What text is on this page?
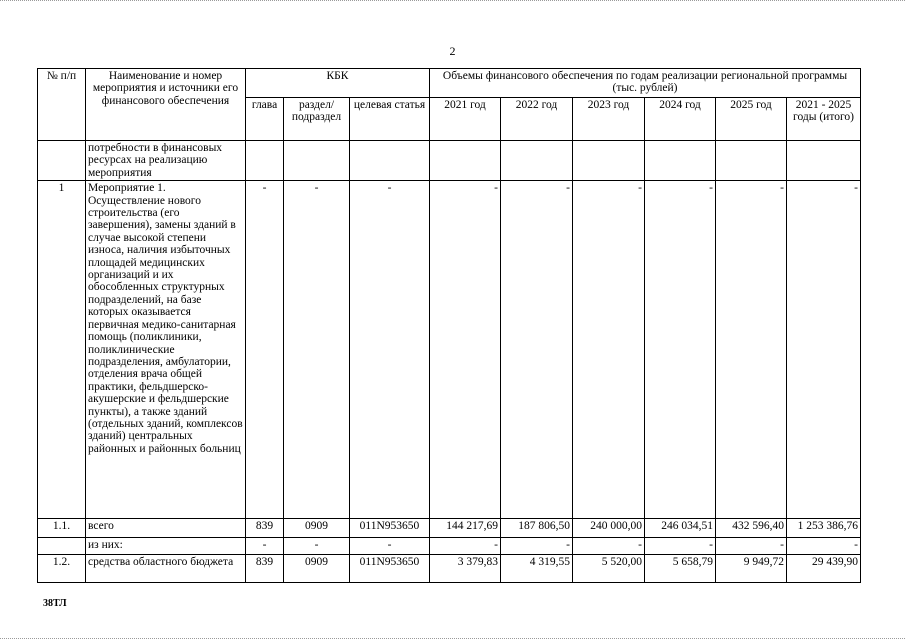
2
№ п/п	Наименование и номер мероприятия и источники его финансового обеспечения	КБК			Объемы финансового обеспечения по годам реализации региональной программы (тыс. рублей)					
		глава	раздел/ подраздел	целевая статья	2021 год	2022 год	2023 год	2024 год	2025 год	2021 - 2025 годы (итого)
	потребности в финансовых ресурсах на реализацию мероприятия									
1	Мероприятие 1. Осуществление нового строительства (его завершения), замены зданий в случае высокой степени износа, наличия избыточных площадей медицинских организаций и их обособленных структурных подразделений, на базе которых оказывается первичная медико-санитарная помощь (поликлиники, поликлинические подразделения, амбулатории, отделения врача общей практики, фельдшерско-акушерские и фельдшерские пункты), а также зданий (отдельных зданий, комплексов зданий) центральных районных и районных больниц	-	-	-	-	-	-	-	-	-
1.1.	всего	839	0909	011N953650	144 217,69	187 806,50	240 000,00	246 034,51	432 596,40	1 253 386,76
	из них:	-	-	-	-	-	-	-	-	-
1.2.	средства областного бюджета	839	0909	011N953650	3 379,83	4 319,55	5 520,00	5 658,79	9 949,72	29 439,90
38ТЛ
